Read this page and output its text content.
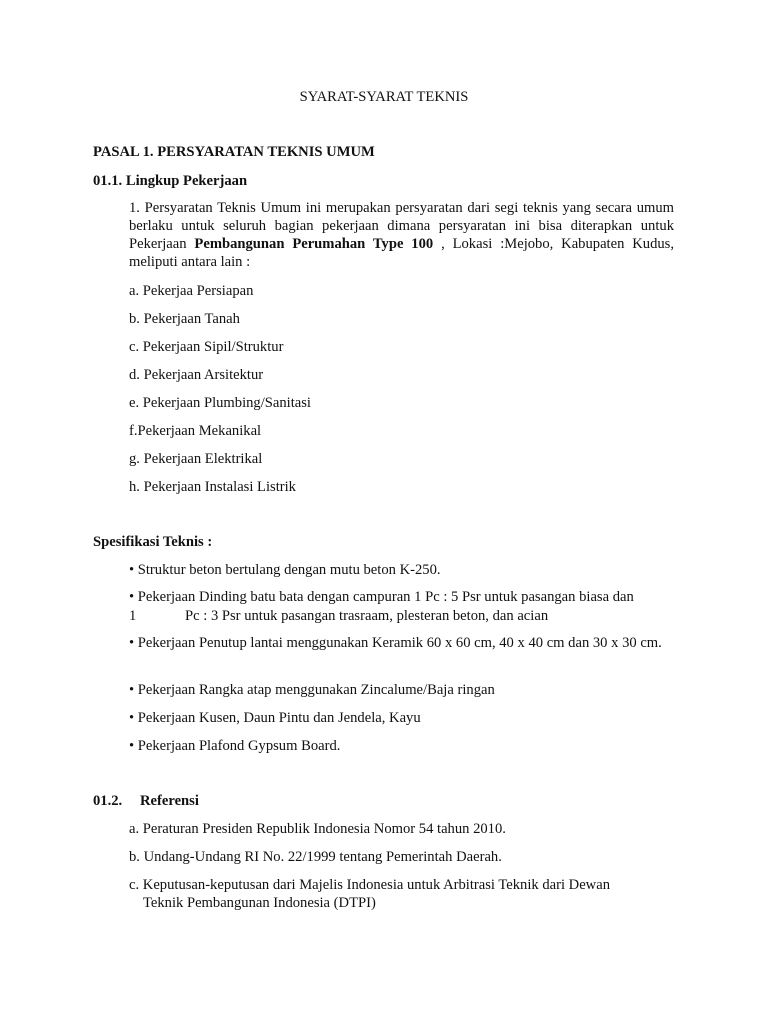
SYARAT-SYARAT TEKNIS

PASAL 1. PERSYARATAN TEKNIS UMUM

01.1. Lingkup Pekerjaan

1. Persyaratan Teknis Umum ini merupakan persyaratan dari segi teknis yang secara umum berlaku untuk seluruh bagian pekerjaan dimana persyaratan ini bisa diterapkan untuk Pekerjaan Pembangunan Perumahan Type 100 , Lokasi :Mejobo, Kabupaten Kudus, meliputi antara lain :

a. Pekerjaa Persiapan

b. Pekerjaan Tanah

c. Pekerjaan Sipil/Struktur

d. Pekerjaan Arsitektur

e. Pekerjaan Plumbing/Sanitasi

f.Pekerjaan Mekanikal

g. Pekerjaan Elektrikal

h. Pekerjaan Instalasi Listrik

Spesifikasi Teknis :

• Struktur beton bertulang dengan mutu beton K-250.

• Pekerjaan Dinding batu bata dengan campuran 1 Pc : 5 Psr untuk pasangan biasa dan

1	Pc : 3 Psr untuk pasangan trasraam, plesteran beton, dan acian

• Pekerjaan Penutup lantai menggunakan Keramik 60 x 60 cm, 40 x 40 cm dan 30 x 30 cm.

• Pekerjaan Rangka atap menggunakan Zincalume/Baja ringan

• Pekerjaan Kusen, Daun Pintu dan Jendela, Kayu

• Pekerjaan Plafond Gypsum Board.

01.2. Referensi

a. Peraturan Presiden Republik Indonesia Nomor 54 tahun 2010.

b. Undang-Undang RI No. 22/1999 tentang Pemerintah Daerah.

c. Keputusan-keputusan dari Majelis Indonesia untuk Arbitrasi Teknik dari Dewan

Teknik Pembangunan Indonesia (DTPI)
